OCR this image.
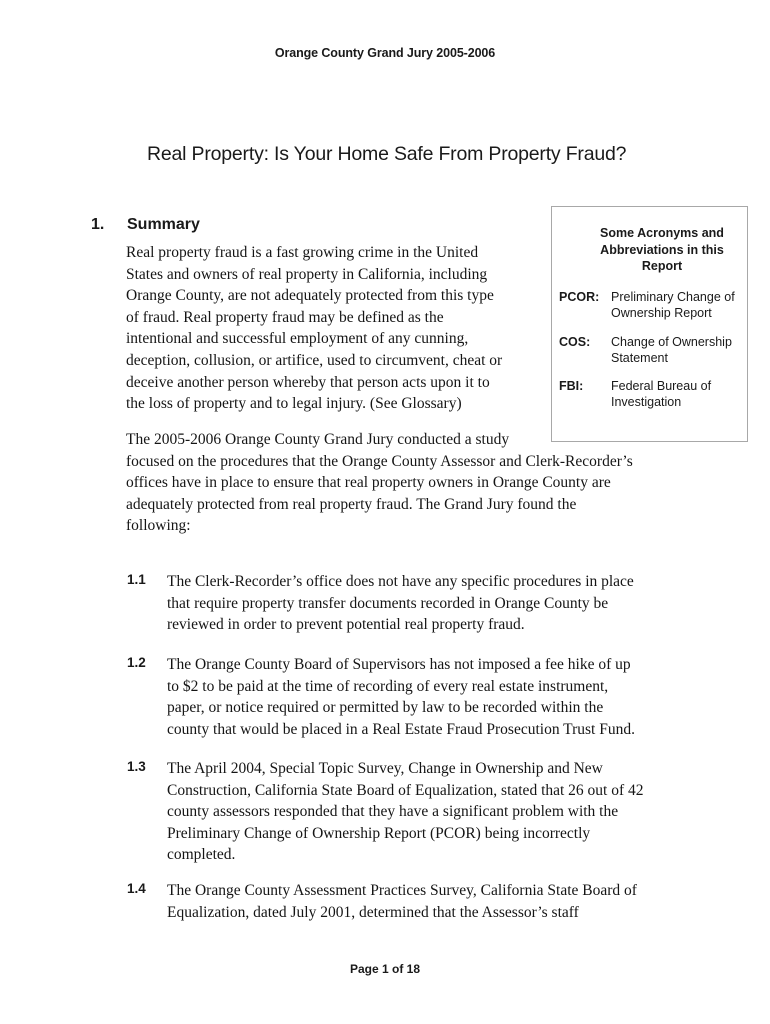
Orange County Grand Jury 2005-2006
Real Property: Is Your Home Safe From Property Fraud?
1. Summary

Real property fraud is a fast growing crime in the United
States and owners of real property in California, including
Orange County, are not adequately protected from this type
of fraud. Real property fraud may be defined as the
intentional and successful employment of any cunning,
deception, collusion, or artifice, used to circumvent, cheat or
deceive another person whereby that person acts upon it to
the loss of property and to legal injury. (See Glossary)

Some Acronyms and
Abbreviations in this
Report
PCOR: Preliminary Change of
Ownership Report
COS: Change of Ownership
Statement
FBI: Federal Bureau of
Investigation

The 2005-2006 Orange County Grand Jury conducted a study
focused on the procedures that the Orange County Assessor and Clerk-Recorder’s
offices have in place to ensure that real property owners in Orange County are
adequately protected from real property fraud. The Grand Jury found the
following:

1.1 The Clerk-Recorder’s office does not have any specific procedures in place
that require property transfer documents recorded in Orange County be
reviewed in order to prevent potential real property fraud.

1.2 The Orange County Board of Supervisors has not imposed a fee hike of up
to $2 to be paid at the time of recording of every real estate instrument,
paper, or notice required or permitted by law to be recorded within the
county that would be placed in a Real Estate Fraud Prosecution Trust Fund.

1.3 The April 2004, Special Topic Survey, Change in Ownership and New
Construction, California State Board of Equalization, stated that 26 out of 42
county assessors responded that they have a significant problem with the
Preliminary Change of Ownership Report (PCOR) being incorrectly
completed.

1.4 The Orange County Assessment Practices Survey, California State Board of
Equalization, dated July 2001, determined that the Assessor’s staff

Page 1 of 18
